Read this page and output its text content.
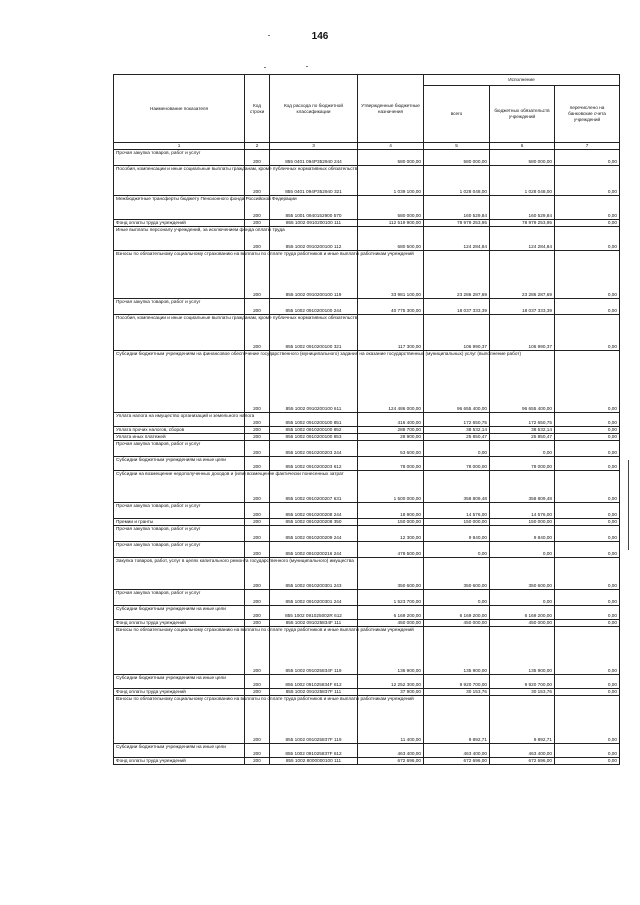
146
Наименование показателя	Код строки	Код расхода по бюджетной классификации	Утвержденные бюджетные назначения	Исполнение		
				всего	бюджетных обязательств учреждений	перечислено на банковские счета учреждений
1	2	3	4	5	6	7
Прочая закупка товаров, работ и услуг	200	855 0401 094P352940 244	580 000,00	580 000,00	580 000,00	0,00
Пособия, компенсации и иные социальные выплаты гражданам, кроме публичных нормативных обязательств	200	855 0401 094P352940 321	1 039 100,00	1 028 048,00	1 028 048,00	0,00
Межбюджетные трансферты бюджету Пенсионного фонда Российской Федерации	200	855 1001 0940152900 570	580 000,00	160 529,84	160 529,84	0,00
Фонд оплаты труда учреждений	200	855 1002 0910200100 111	112 519 900,00	78 979 253,95	78 979 253,95	0,00
Иные выплаты персоналу учреждений, за исключением фонда оплаты труда	200	855 1002 0910200100 112	680 500,00	124 284,84	124 284,84	0,00
Взносы по обязательному социальному страхованию на выплаты по оплате труда работников и иные выплаты работникам учреждений	200	855 1002 0910200100 119	33 981 100,00	23 286 287,69	23 286 287,69	0,00
Прочая закупка товаров, работ и услуг	200	855 1002 0910200100 244	40 775 300,00	18 037 333,39	18 037 333,39	0,00
Пособия, компенсации и иные социальные выплаты гражданам, кроме публичных нормативных обязательств	200	855 1002 0910200100 321	117 300,00	106 990,37	106 990,37	0,00
Субсидии бюджетным учреждениям на финансовое обеспечение государственного (муниципального) задания на оказание государственных (муниципальных) услуг (выполнение работ)	200	855 1002 0910200100 611	124 486 000,00	96 655 400,00	96 655 400,00	0,00
Уплата налога на имущество организаций и земельного налога	200	855 1002 0910200100 851	416 400,00	172 650,75	172 650,75	0,00
Уплата прочих налогов, сборов	200	855 1002 0910200100 852	288 700,00	38 532,14	38 532,14	0,00
Уплата иных платежей	200	855 1002 0910200100 853	28 900,00	25 850,47	25 850,47	0,00
Прочая закупка товаров, работ и услуг	200	855 1002 0910200203 244	53 600,00	0,00	0,00	0,00
Субсидии бюджетным учреждениям на иные цели	200	855 1002 0910200203 612	78 000,00	78 000,00	78 000,00	0,00
Субсидии на возмещение недополученных доходов и (или) возмещение фактически понесенных затрат	200	855 1002 0910200207 631	1 500 000,00	358 809,48	358 809,48	0,00
Прочая закупка товаров, работ и услуг	200	855 1002 0910200208 244	18 900,00	14 576,00	14 576,00	0,00
Премии и гранты	200	855 1002 0910200208 350	150 000,00	150 000,00	150 000,00	0,00
Прочая закупка товаров, работ и услуг	200	855 1002 0910200209 244	12 300,00	9 840,00	9 840,00	0,00
Прочая закупка товаров, работ и услуг	200	855 1002 0910200216 244	478 500,00	0,00	0,00	0,00
Закупка товаров, работ, услуг в целях капитального ремонта государственного (муниципального) имущества	200	855 1002 0910200301 243	350 600,00	350 600,00	350 600,00	0,00
Прочая закупка товаров, работ и услуг	200	855 1002 0910200301 244	1 523 700,00	0,00	0,00	0,00
Субсидии бюджетным учреждениям на иные цели	200	855 1002 091025002R 612	6 169 200,00	6 169 200,00	6 169 200,00	0,00
Фонд оплаты труда учреждений	200	855 1002 091025834F 111	450 000,00	450 000,00	450 000,00	0,00
Взносы по обязательному социальному страхованию на выплаты по оплате труда работников и иные выплаты работникам учреждений	200	855 1002 091025834F 119	136 900,00	135 900,00	135 900,00	0,00
Субсидии бюджетным учреждениям на иные цели	200	855 1002 091025834F 612	12 252 300,00	9 920 700,00	9 920 700,00	0,00
Фонд оплаты труда учреждений	200	855 1002 091025837F 111	37 900,00	30 153,76	30 153,76	0,00
Взносы по обязательному социальному страхованию на выплаты по оплате труда работников и иные выплаты работникам учреждений	200	855 1002 091025837F 119	11 400,00	9 892,71	9 892,71	0,00
Субсидии бюджетным учреждениям на иные цели	200	855 1002 091025837F 612	463 400,00	463 400,00	463 400,00	0,00
Фонд оплаты труда учреждений	200	855 1002 8000000100 111	672 696,00	672 696,00	672 696,00	0,00
